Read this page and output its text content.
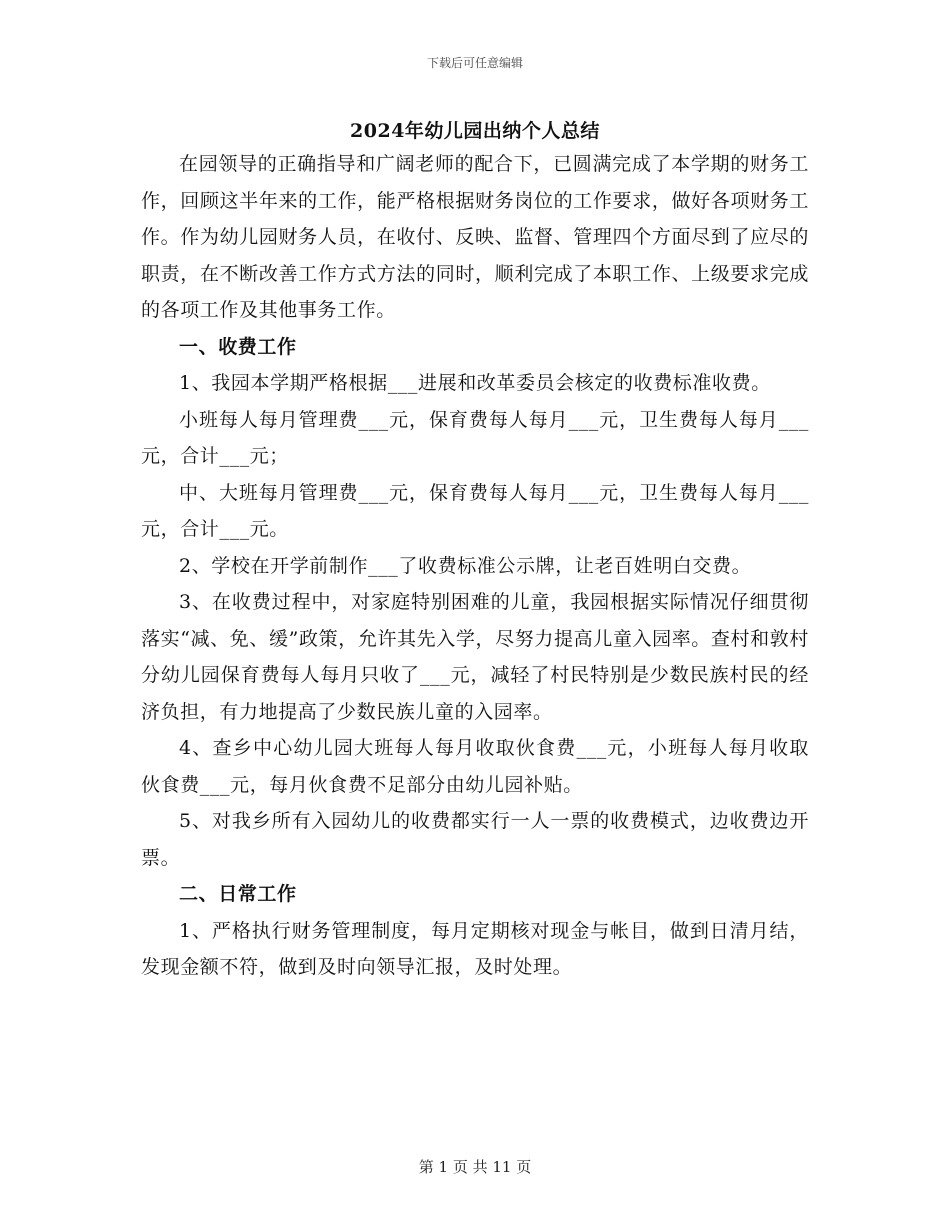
下载后可任意编辑
2024年幼儿园出纳个人总结

在园领导的正确指导和广阔老师的配合下，已圆满完成了本学期的财务工作，回顾这半年来的工作，能严格根据财务岗位的工作要求，做好各项财务工作。作为幼儿园财务人员，在收付、反映、监督、管理四个方面尽到了应尽的职责，在不断改善工作方式方法的同时，顺利完成了本职工作、上级要求完成的各项工作及其他事务工作。

一、收费工作

1、我园本学期严格根据___进展和改革委员会核定的收费标准收费。

小班每人每月管理费___元，保育费每人每月___元，卫生费每人每月___元，合计___元；

中、大班每月管理费___元，保育费每人每月___元，卫生费每人每月___元，合计___元。

2、学校在开学前制作___了收费标准公示牌，让老百姓明白交费。

3、在收费过程中，对家庭特别困难的儿童，我园根据实际情况仔细贯彻落实“减、免、缓”政策，允许其先入学，尽努力提高儿童入园率。查村和敦村分幼儿园保育费每人每月只收了___元，减轻了村民特别是少数民族村民的经济负担，有力地提高了少数民族儿童的入园率。

4、查乡中心幼儿园大班每人每月收取伙食费___元，小班每人每月收取伙食费___元，每月伙食费不足部分由幼儿园补贴。

5、对我乡所有入园幼儿的收费都实行一人一票的收费模式，边收费边开票。

二、日常工作

1、严格执行财务管理制度，每月定期核对现金与帐目，做到日清月结，发现金额不符，做到及时向领导汇报，及时处理。

第 1 页 共 11 页
